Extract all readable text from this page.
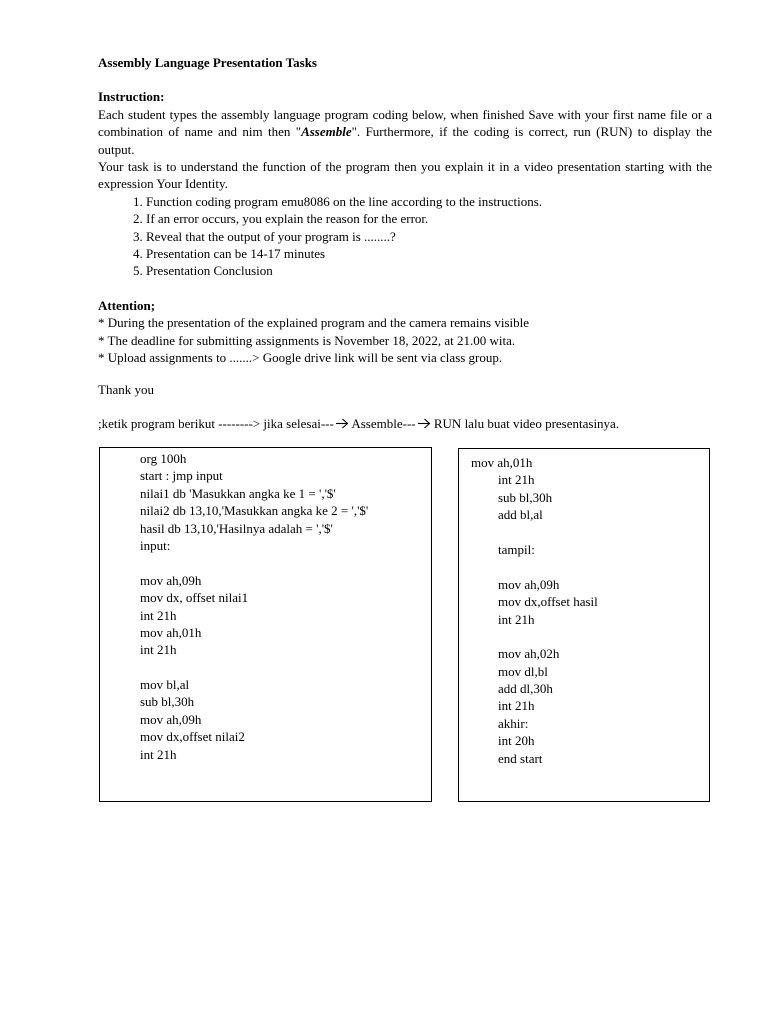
Assembly Language Presentation Tasks

Instruction:
Each student types the assembly language program coding below, when finished Save with your first name file or a combination of name and nim then "Assemble". Furthermore, if the coding is correct, run (RUN) to display the output.
Your task is to understand the function of the program then you explain it in a video presentation starting with the expression Your Identity.
1. Function coding program emu8086 on the line according to the instructions.
2. If an error occurs, you explain the reason for the error.
3. Reveal that the output of your program is ........?
4. Presentation can be 14-17 minutes
5. Presentation Conclusion
Attention;
* During the presentation of the explained program and the camera remains visible
* The deadline for submitting assignments is November 18, 2022, at 21.00 wita.
* Upload assignments to .......> Google drive link will be sent via class group.
Thank you
;ketik program berikut --------> jika selesai--- Assemble--- RUN lalu buat video presentasinya.
org 100h
start : jmp input
nilai1 db 'Masukkan angka ke 1 = ','$'
nilai2 db 13,10,'Masukkan angka ke 2 = ','$'
hasil db 13,10,'Hasilnya adalah = ','$'
input:
mov ah,09h
mov dx, offset nilai1
int 21h
mov ah,01h
int 21h
mov bl,al
sub bl,30h
mov ah,09h
mov dx,offset nilai2
int 21h
mov ah,01h
int 21h
sub bl,30h
add bl,al
tampil:
mov ah,09h
mov dx,offset hasil
int 21h
mov ah,02h
mov dl,bl
add dl,30h
int 21h
akhir:
int 20h
end start
